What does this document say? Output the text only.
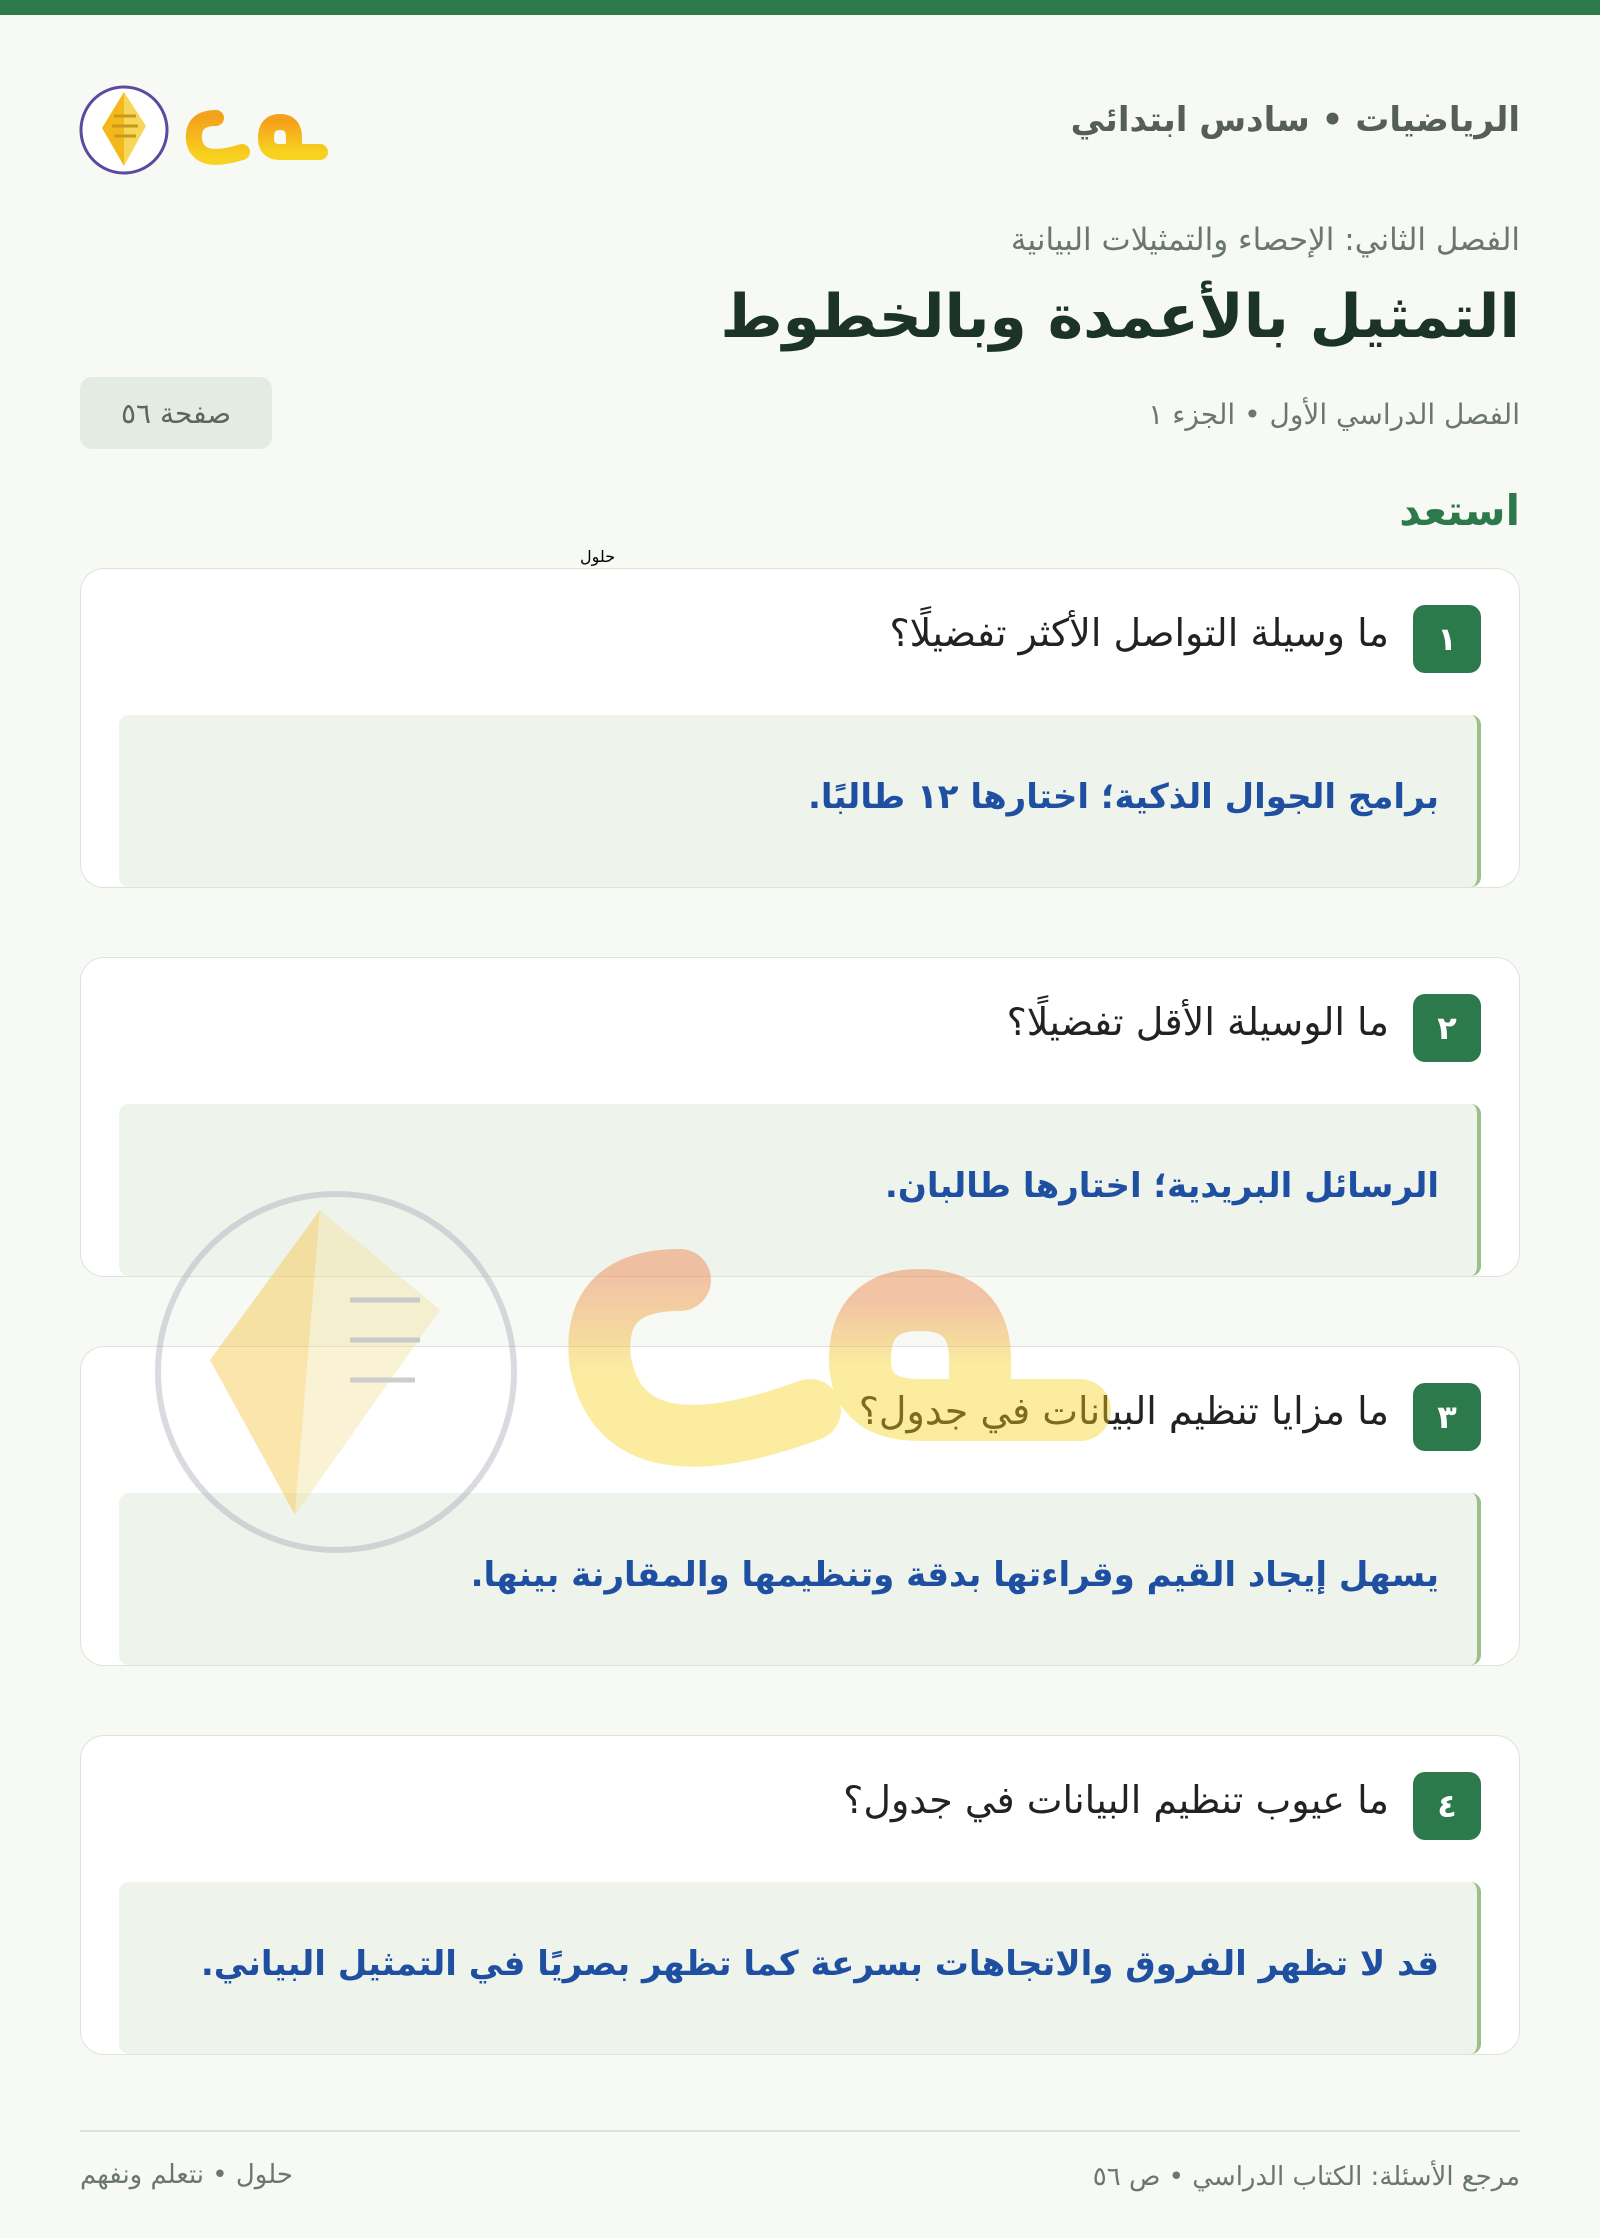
الرياضيات • سادس ابتدائي
حلول
الفصل الثاني: الإحصاء والتمثيلات البيانية
التمثيل بالأعمدة وبالخطوط
الفصل الدراسي الأول • الجزء ١
صفحة ٥٦
استعد
١
ما وسيلة التواصل الأكثر تفضيلًا؟
برامج الجوال الذكية؛ اختارها ١٢ طالبًا.
٢
ما الوسيلة الأقل تفضيلًا؟
الرسائل البريدية؛ اختارها طالبان.
٣
ما مزايا تنظيم البيانات في جدول؟
يسهل إيجاد القيم وقراءتها بدقة وتنظيمها والمقارنة بينها.
٤
ما عيوب تنظيم البيانات في جدول؟
قد لا تظهر الفروق والاتجاهات بسرعة كما تظهر بصريًا في التمثيل البياني.
حلول • نتعلم ونفهم	مرجع الأسئلة: الكتاب الدراسي • ص ٥٦
